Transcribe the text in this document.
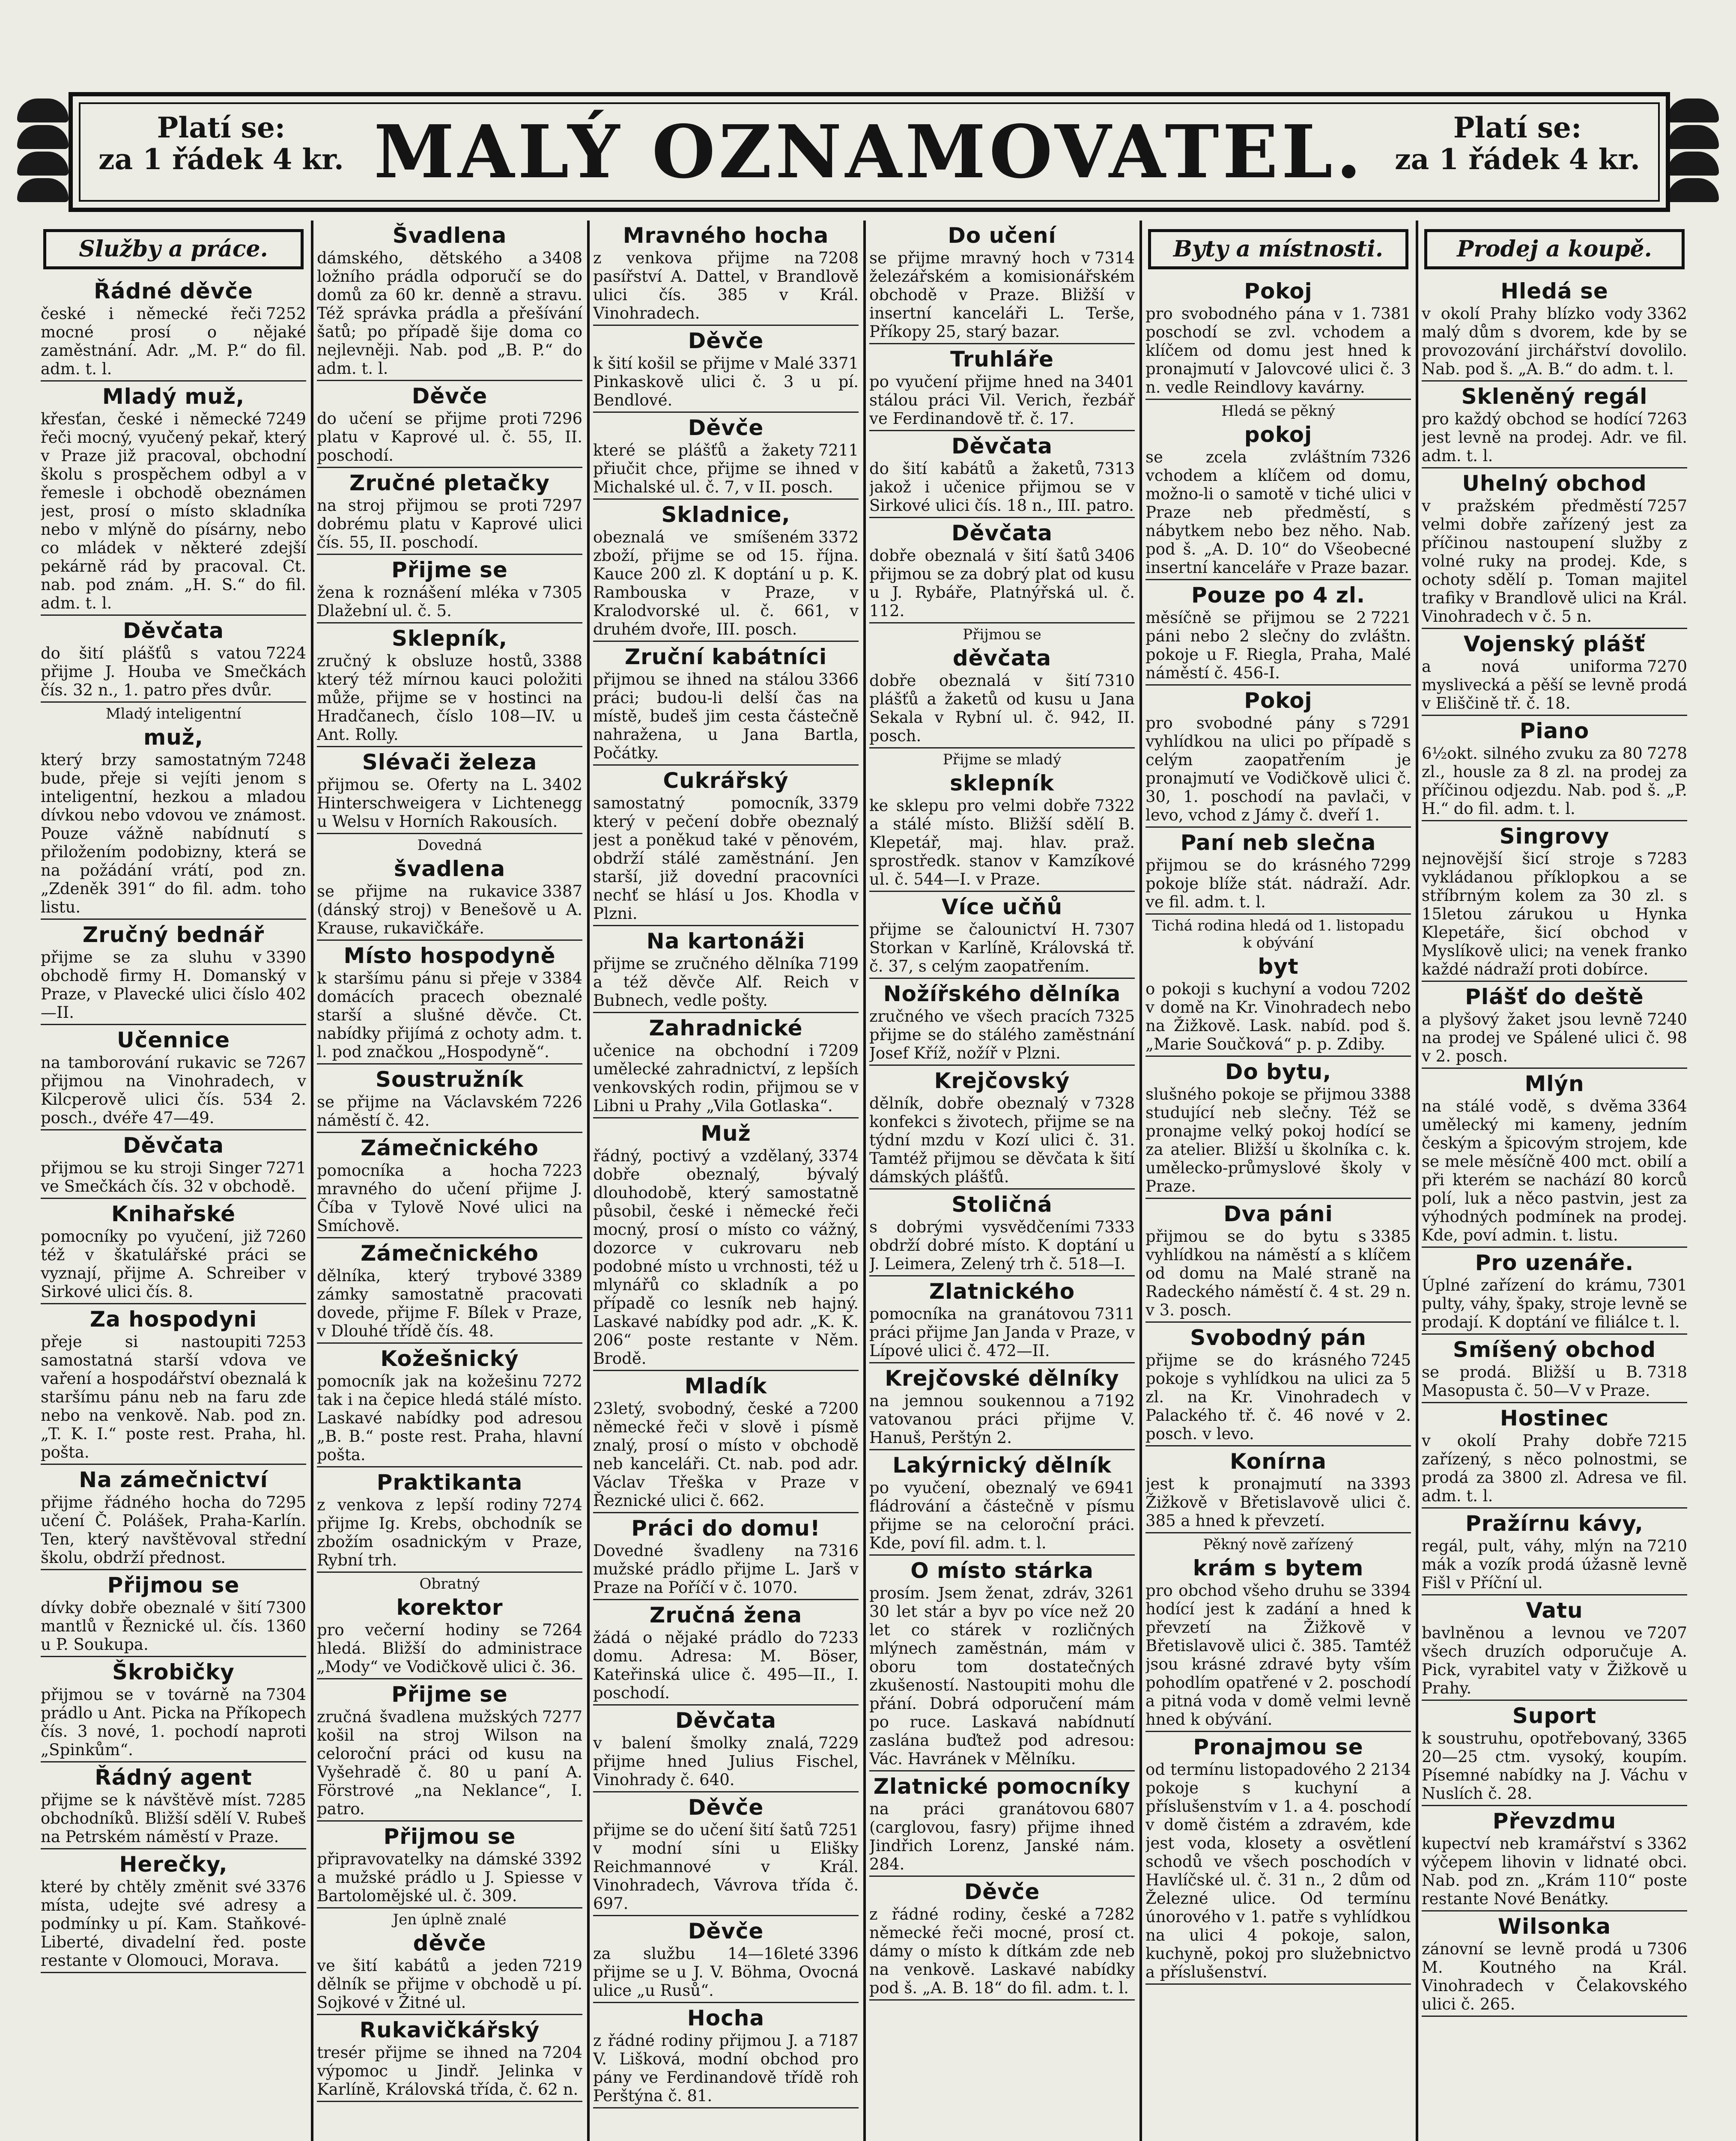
Platí se:
za 1 řádek 4 kr. MALÝ OZNAMOVATEL.	Platí se:
za 1 řádek 4 kr.
Služby a práce.
Řádné děvče

7252
české i německé řeči mocné prosí o nějaké zaměstnání. Adr. „M. P.“ do fil. adm. t. l.

Mladý muž,

7249
křesťan, české i německé řeči mocný, vyučený pekař, který v Praze již pracoval, obchodní školu s prospěchem odbyl a v řemesle i obchodě obeznámen jest, prosí o místo skladníka nebo v mlýně do písárny, nebo co mládek v některé zdejší pekárně rád by pracoval. Ct. nab. pod znám. „H. S.“ do fil. adm. t. l.

Děvčata

7224
do šití plášťů s vatou přijme J. Houba ve Smečkách čís. 32 n., 1. patro přes dvůr.

Mladý inteligentní
muž,

7248
který brzy samostatným bude, přeje si vejíti jenom s inteligentní, hezkou a mladou dívkou nebo vdovou ve známost. Pouze vážně nabídnutí s přiložením podobizny, která se na požádání vrátí, pod zn. „Zdeněk 391“ do fil. adm. toho listu.

Zručný bednář

3390
přijme se za sluhu v obchodě firmy H. Domanský v Praze, v Plavecké ulici číslo 402—II.

Učennice

7267
na tamborování rukavic se přijmou na Vinohradech, v Kilcperově ulici čís. 534 2. posch., dvéře 47—49.

Děvčata

7271
přijmou se ku stroji Singer ve Smečkách čís. 32 v obchodě.

Knihařské

7260
pomocníky po vyučení, již též v škatulářské práci se vyznají, přijme A. Schreiber v Sirkové ulici čís. 8.

Za hospodyni

7253
přeje si nastoupiti samostatná starší vdova ve vaření a hospodářství obeznalá k staršímu pánu neb na faru zde nebo na venkově. Nab. pod zn. „T. K. I.“ poste rest. Praha, hl. pošta.

Na zámečnictví

7295
přijme řádného hocha do učení Č. Polášek, Praha-Karlín. Ten, který navštěvoval střední školu, obdrží přednost.

Přijmou se

7300
dívky dobře obeznalé v šití mantlů v Řeznické ul. čís. 1360 u P. Soukupa.

Škrobičky

7304
přijmou se v továrně na prádlo u Ant. Picka na Příkopech čís. 3 nové, 1. pochodí naproti „Spinkům“.

Řádný agent

7285
přijme se k návštěvě míst. obchodníků. Bližší sdělí V. Rubeš na Petrském náměstí v Praze.

Herečky,

3376
které by chtěly změnit své místa, udejte své adresy a podmínky u pí. Kam. Staňkové-Liberté, divadelní řed. poste restante v Olomouci, Morava.

Švadlena

3408
dámského, dětského a ložního prádla odporučí se do domů za 60 kr. denně a stravu. Též správka prádla a přešívání šatů; po případě šije doma co nejlevněji. Nab. pod „B. P.“ do adm. t. l.

Děvče

7296
do učení se přijme proti platu v Kaprové ul. č. 55, II. poschodí.

Zručné pletačky

7297
na stroj přijmou se proti dobrému platu v Kaprové ulici čís. 55, II. poschodí.

Přijme se

7305
žena k roznášení mléka v Dlažební ul. č. 5.

Sklepník,

3388
zručný k obsluze hostů, který též mírnou kauci položiti může, přijme se v hostinci na Hradčanech, číslo 108—IV. u Ant. Rolly.

Slévači železa

3402
přijmou se. Oferty na L. Hinterschweigera v Lichtenegg u Welsu v Horních Rakousích.

Dovedná
švadlena

3387
se přijme na rukavice (dánský stroj) v Benešově u A. Krause, rukavičkáře.

Místo hospodyně

3384
k staršímu pánu si přeje v domácích pracech obeznalé starší a slušné děvče. Ct. nabídky přijímá z ochoty adm. t. l. pod značkou „Hospodyně“.

Soustružník

7226
se přijme na Václavském náměstí č. 42.

Zámečnického

7223
pomocníka a hocha mravného do učení přijme J. Číba v Tylově Nové ulici na Smíchově.

Zámečnického

3389
dělníka, který trybové zámky samostatně pracovati dovede, přijme F. Bílek v Praze, v Dlouhé třídě čís. 48.

Kožešnický

7272
pomocník jak na kožešinu tak i na čepice hledá stálé místo. Laskavé nabídky pod adresou „B. B.“ poste rest. Praha, hlavní pošta.

Praktikanta

7274
z venkova z lepší rodiny přijme Ig. Krebs, obchodník se zbožím osadnickým v Praze, Rybní trh.

Obratný
korektor

7264
pro večerní hodiny se hledá. Bližší do administrace „Mody“ ve Vodičkově ulici č. 36.

Přijme se

7277
zručná švadlena mužských košil na stroj Wilson na celoroční práci od kusu na Vyšehradě č. 80 u paní A. Förstrové „na Neklance“, I. patro.

Přijmou se

3392
připravovatelky na dámské a mužské prádlo u J. Spiesse v Bartolomějské ul. č. 309.

Jen úplně znalé
děvče

7219
ve šití kabátů a jeden dělník se přijme v obchodě u pí. Sojkové v Žitné ul.

Rukavičkářský

7204
tresér přijme se ihned na výpomoc u Jindř. Jelinka v Karlíně, Královská třída, č. 62 n.

Mravného hocha

7208
z venkova přijme na pasířství A. Dattel, v Brandlově ulici čís. 385 v Král. Vinohradech.

Děvče

3371
k šití košil se přijme v Malé Pinkaskově ulici č. 3 u pí. Bendlové.

Děvče

7211
které se plášťů a žakety přiučit chce, přijme se ihned v Michalské ul. č. 7, v II. posch.

Skladnice,

3372
obeznalá ve smíšeném zboží, přijme se od 15. října. Kauce 200 zl. K doptání u p. K. Rambouska v Praze, v Kralodvorské ul. č. 661, v druhém dvoře, III. posch.

Zruční kabátníci

3366
přijmou se ihned na stálou práci; budou-li delší čas na místě, budeš jim cesta částečně nahražena, u Jana Bartla, Počátky.

Cukrářský

3379
samostatný pomocník, který v pečení dobře obeznalý jest a poněkud také v pěnovém, obdrží stálé zaměstnání. Jen starší, již dovední pracovníci nechť se hlásí u Jos. Khodla v Plzni.

Na kartonáži

7199
přijme se zručného dělníka a též děvče Alf. Reich v Bubnech, vedle pošty.

Zahradnické

7209
učenice na obchodní i umělecké zahradnictví, z lepších venkovských rodin, přijmou se v Libni u Prahy „Vila Gotlaska“.

Muž

3374
řádný, poctivý a vzdělaný, dobře obeznalý, bývalý dlouhodobě, který samostatně působil, české i německé řeči mocný, prosí o místo co vážný, dozorce v cukrovaru neb podobné místo u vrchnosti, též u mlynářů co skladník a po případě co lesník neb hajný. Laskavé nabídky pod adr. „K. K. 206“ poste restante v Něm. Brodě.

Mladík

7200
23letý, svobodný, české a německé řeči v slově i písmě znalý, prosí o místo v obchodě neb kanceláři. Ct. nab. pod adr. Václav Třeška v Praze v Řeznické ulici č. 662.

Práci do domu!

7316
Dovedné švadleny na mužské prádlo přijme L. Jarš v Praze na Poříčí v č. 1070.

Zručná žena

7233
žádá o nějaké prádlo do domu. Adresa: M. Böser, Kateřinská ulice č. 495—II., I. poschodí.

Děvčata

7229
v balení šmolky znalá, přijme hned Julius Fischel, Vinohrady č. 640.

Děvče

7251
přijme se do učení šití šatů v modní síni u Elišky Reichmannové v Král. Vinohradech, Vávrova třída č. 697.

Děvče

3396
za službu 14—16leté přijme se u J. V. Böhma, Ovocná ulice „u Rusů“.

Hocha

7187
z řádné rodiny přijmou J. a V. Lišková, modní obchod pro pány ve Ferdinandově třídě roh Perštýna č. 81.

Do učení

7314
se přijme mravný hoch v železářském a komisionářském obchodě v Praze. Bližší v insertní kanceláři L. Terše, Příkopy 25, starý bazar.

Truhláře

3401
po vyučení přijme hned na stálou práci Vil. Verich, řezbář ve Ferdinandově tř. č. 17.

Děvčata

7313
do šití kabátů a žaketů, jakož i učenice přijmou se v Sirkové ulici čís. 18 n., III. patro.

Děvčata

3406
dobře obeznalá v šití šatů přijmou se za dobrý plat od kusu u J. Rybáře, Platnýřská ul. č. 112.

Přijmou se
děvčata

7310
dobře obeznalá v šití plášťů a žaketů od kusu u Jana Sekala v Rybní ul. č. 942, II. posch.

Přijme se mladý
sklepník

7322
ke sklepu pro velmi dobře a stálé místo. Bližší sdělí B. Klepetář, maj. hlav. praž. sprostředk. stanov v Kamzíkové ul. č. 544—I. v Praze.

Více učňů

7307
přijme se čalounictví H. Storkan v Karlíně, Královská tř. č. 37, s celým zaopatřením.

Nožířského dělníka

7325
zručného ve všech pracích přijme se do stálého zaměstnání Josef Kříž, nožíř v Plzni.

Krejčovský

7328
dělník, dobře obeznalý v konfekci s životech, přijme se na týdní mzdu v Kozí ulici č. 31. Tamtéž přijmou se děvčata k šití dámských plášťů.

Stoličná

7333
s dobrými vysvědčeními obdrží dobré místo. K doptání u J. Leimera, Zelený trh č. 518—I.

Zlatnického

7311
pomocníka na granátovou práci přijme Jan Janda v Praze, v Lípové ulici č. 472—II.

Krejčovské dělníky

7192
na jemnou soukennou a vatovanou práci přijme V. Hanuš, Perštýn 2.

Lakýrnický dělník

6941
po vyučení, obeznalý ve fládrování a částečně v písmu přijme se na celoroční práci. Kde, poví fil. adm. t. l.

O místo stárka

3261
prosím. Jsem ženat, zdráv, 30 let stár a byv po více než 20 let co stárek v rozličných mlýnech zaměstnán, mám v oboru tom dostatečných zkušeností. Nastoupiti mohu dle přání. Dobrá odporučení mám po ruce. Laskavá nabídnutí zaslána buďtež pod adresou: Vác. Havránek v Mělníku.

Zlatnické pomocníky

6807
na práci granátovou (carglovou, fasry) přijme ihned Jindřich Lorenz, Janské nám. 284.

Děvče

7282
z řádné rodiny, české a německé řeči mocné, prosí ct. dámy o místo k dítkám zde neb na venkově. Laskavé nabídky pod š. „A. B. 18“ do fil. adm. t. l.

Byty a místnosti.
Pokoj

7381
pro svobodného pána v 1. poschodí se zvl. vchodem a klíčem od domu jest hned k pronajmutí v Jalovcové ulici č. 3 n. vedle Reindlovy kavárny.

Hledá se pěkný
pokoj

7326
se zcela zvláštním vchodem a klíčem od domu, možno-li o samotě v tiché ulici v Praze neb předměstí, s nábytkem nebo bez něho. Nab. pod š. „A. D. 10“ do Všeobecné insertní kanceláře v Praze bazar.

Pouze po 4 zl.

7221
měsíčně se přijmou se 2 páni nebo 2 slečny do zvláštn. pokoje u F. Riegla, Praha, Malé náměstí č. 456-I.

Pokoj

7291
pro svobodné pány s vyhlídkou na ulici po případě s celým zaopatřením je pronajmutí ve Vodičkově ulici č. 30, 1. poschodí na pavlači, v levo, vchod z Jámy č. dveří 1.

Paní neb slečna

7299
přijmou se do krásného pokoje blíže stát. nádraží. Adr. ve fil. adm. t. l.

Tichá rodina hledá od 1. listopadu k obývání
byt

7202
o pokoji s kuchyní a vodou v domě na Kr. Vinohradech nebo na Žižkově. Lask. nabíd. pod š. „Marie Součková“ p. p. Zdiby.

Do bytu,

3388
slušného pokoje se přijmou studující neb slečny. Též se pronajme velký pokoj hodící se za atelier. Bližší u školníka c. k. umělecko-průmyslové školy v Praze.

Dva páni

3385
přijmou se do bytu s vyhlídkou na náměstí a s klíčem od domu na Malé straně na Radeckého náměstí č. 4 st. 29 n. v 3. posch.

Svobodný pán

7245
přijme se do krásného pokoje s vyhlídkou na ulici za 5 zl. na Kr. Vinohradech v Palackého tř. č. 46 nové v 2. posch. v levo.

Konírna

3393
jest k pronajmutí na Žižkově v Břetislavově ulici č. 385 a hned k převzetí.

Pěkný nově zařízený
krám s bytem

3394
pro obchod všeho druhu se hodící jest k zadání a hned k převzetí na Žižkově v Břetislavově ulici č. 385. Tamtéž jsou krásné zdravé byty vším pohodlím opatřené v 2. poschodí a pitná voda v domě velmi levně hned k obývání.

Pronajmou se

2134
od termínu listopadového 2 pokoje s kuchyní a příslušenstvím v 1. a 4. poschodí v domě čistém a zdravém, kde jest voda, klosety a osvětlení schodů ve všech poschodích v Havlíčské ul. č. 31 n., 2 dům od Železné ulice. Od termínu únorového v 1. patře s vyhlídkou na ulici 4 pokoje, salon, kuchyně, pokoj pro služebnictvo a příslušenství.

Prodej a koupě.
Hledá se

3362
v okolí Prahy blízko vody malý dům s dvorem, kde by se provozování jirchářství dovolilo. Nab. pod š. „A. B.“ do adm. t. l.

Skleněný regál

7263
pro každý obchod se hodící jest levně na prodej. Adr. ve fil. adm. t. l.

Uhelný obchod

7257
v pražském předměstí velmi dobře zařízený jest za příčinou nastoupení služby z volné ruky na prodej. Kde, s ochoty sdělí p. Toman majitel trafiky v Brandlově ulici na Král. Vinohradech v č. 5 n.

Vojenský plášť

7270
a nová uniforma myslivecká a pěší se levně prodá v Eliščině tř. č. 18.

Piano

7278
6½okt. silného zvuku za 80 zl., housle za 8 zl. na prodej za příčinou odjezdu. Nab. pod š. „P. H.“ do fil. adm. t. l.

Singrovy

7283
nejnovější šicí stroje s vykládanou příklopkou a se stříbrným kolem za 30 zl. s 15letou zárukou u Hynka Klepetáře, šicí obchod v Myslíkově ulici; na venek franko každé nádraží proti dobírce.

Plášť do deště

7240
a plyšový žaket jsou levně na prodej ve Spálené ulici č. 98 v 2. posch.

Mlýn

3364
na stálé vodě, s dvěma umělecký mi kameny, jedním českým a špicovým strojem, kde se mele měsíčně 400 mct. obilí a při kterém se nachází 80 korců polí, luk a něco pastvin, jest za výhodných podmínek na prodej. Kde, poví admin. t. listu.

Pro uzenáře.

7301
Úplné zařízení do krámu, pulty, váhy, špaky, stroje levně se prodají. K doptání ve filiálce t. l.

Smíšený obchod

7318
se prodá. Bližší u B. Masopusta č. 50—V v Praze.

Hostinec

7215
v okolí Prahy dobře zařízený, s něco polnostmi, se prodá za 3800 zl. Adresa ve fil. adm. t. l.

Pražírnu kávy,

7210
regál, pult, váhy, mlýn na mák a vozík prodá úžasně levně Fišl v Příční ul.

Vatu

7207
bavlněnou a levnou ve všech druzích odporučuje A. Pick, vyrabitel vaty v Žižkově u Prahy.

Suport

3365
k soustruhu, opotřebovaný, 20—25 ctm. vysoký, koupím. Písemné nabídky na J. Váchu v Nuslích č. 28.

Převzdmu

3362
kupectví neb kramářství s výčepem lihovin v lidnaté obci. Nab. pod zn. „Krám 110“ poste restante Nové Benátky.

Wilsonka

7306
zánovní se levně prodá u M. Koutného na Král. Vinohradech v Čelakovského ulici č. 265.
